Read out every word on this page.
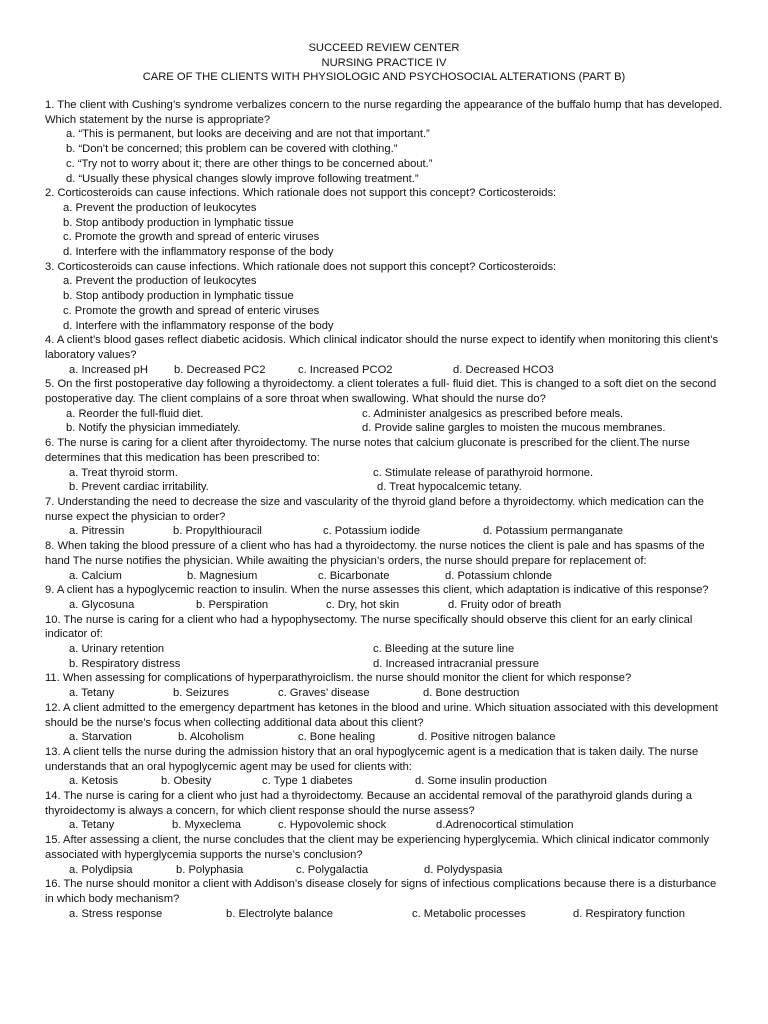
SUCCEED REVIEW CENTER
NURSING PRACTICE IV
CARE OF THE CLIENTS WITH PHYSIOLOGIC AND PSYCHOSOCIAL ALTERATIONS (PART B)
1. The client with Cushing’s syndrome verbalizes concern to the nurse regarding the appearance of the buffalo hump that has developed. Which statement by the nurse is appropriate?
a. “This is permanent, but looks are deceiving and are not that important.”
b. “Don’t be concerned; this problem can be covered with clothing.”
c. “Try not to worry about it; there are other things to be concerned about.”
d. “Usually these physical changes slowly improve following treatment.”
2. Corticosteroids can cause infections. Which rationale does not support this concept? Corticosteroids:
a. Prevent the production of leukocytes
b. Stop antibody production in lymphatic tissue
c. Promote the growth and spread of enteric viruses
d. Interfere with the inflammatory response of the body
3. Corticosteroids can cause infections. Which rationale does not support this concept? Corticosteroids:
a. Prevent the production of leukocytes
b. Stop antibody production in lymphatic tissue
c. Promote the growth and spread of enteric viruses
d. Interfere with the inflammatory response of the body
4. A client’s blood gases reflect diabetic acidosis. Which clinical indicator should the nurse expect to identify when monitoring this client’s laboratory values?
a. Increased pH	b. Decreased PC2	c. Increased PCO2	d. Decreased HCO3
5. On the first postoperative day following a thyroidectomy. a client tolerates a full- fluid diet. This is changed to a soft diet on the second postoperative day. The client complains of a sore throat when swallowing. What should the nurse do?
a. Reorder the full-fluid diet.	c. Administer analgesics as prescribed before meals.
b. Notify the physician immediately.	d. Provide saline gargles to moisten the mucous membranes.
6. The nurse is caring for a client after thyroidectomy. The nurse notes that calcium gluconate is prescribed for the client.The nurse determines that this medication has been prescribed to:
a. Treat thyroid storm.	c. Stimulate release of parathyroid hormone.
b. Prevent cardiac irritability.	d. Treat hypocalcemic tetany.
7. Understanding the need to decrease the size and vascularity of the thyroid gland before a thyroidectomy. which medication can the nurse expect the physician to order?
a. Pitressin	b. Propylthiouracil	c. Potassium iodide	d. Potassium permanganate
8. When taking the blood pressure of a client who has had a thyroidectomy. the nurse notices the client is pale and has spasms of the hand The nurse notifies the physician. While awaiting the physician’s orders, the nurse should prepare for replacement of:
a. Calcium	b. Magnesium	c. Bicarbonate	d. Potassium chlonde
9. A client has a hypoglycemic reaction to insulin. When the nurse assesses this client, which adaptation is indicative of this response?
a. Glycosuna	b. Perspiration	c. Dry, hot skin	d. Fruity odor of breath
10. The nurse is caring for a client who had a hypophysectomy. The nurse specifically should observe this client for an early clinical indicator of:
a. Urinary retention	c. Bleeding at the suture line
b. Respiratory distress	d. Increased intracranial pressure
11. When assessing for complications of hyperparathyroiclism. the nurse should monitor the client for which response?
a. Tetany	b. Seizures	c. Graves’ disease	d. Bone destruction
12. A client admitted to the emergency department has ketones in the blood and urine. Which situation associated with this development should be the nurse’s focus when collecting additional data about this client?
a. Starvation	b. Alcoholism	c. Bone healing	d. Positive nitrogen balance
13. A client tells the nurse during the admission history that an oral hypoglycemic agent is a medication that is taken daily. The nurse understands that an oral hypoglycemic agent may be used for clients with:
a. Ketosis	b. Obesity	c. Type 1 diabetes	d. Some insulin production
14. The nurse is caring for a client who just had a thyroidectomy. Because an accidental removal of the parathyroid glands during a thyroidectomy is always a concern, for which client response should the nurse assess?
a. Tetany	b. Myxeclema	c. Hypovolemic shock	d.Adrenocortical stimulation
15. After assessing a client, the nurse concludes that the client may be experiencing hyperglycemia. Which clinical indicator commonly associated with hyperglycemia supports the nurse’s conclusion?
a. Polydipsia	b. Polyphasia	c. Polygalactia	d. Polydyspasia
16. The nurse should monitor a client with Addison’s disease closely for signs of infectious complications because there is a disturbance in which body mechanism?
a. Stress response	b. Electrolyte balance	c. Metabolic processes	d. Respiratory function
